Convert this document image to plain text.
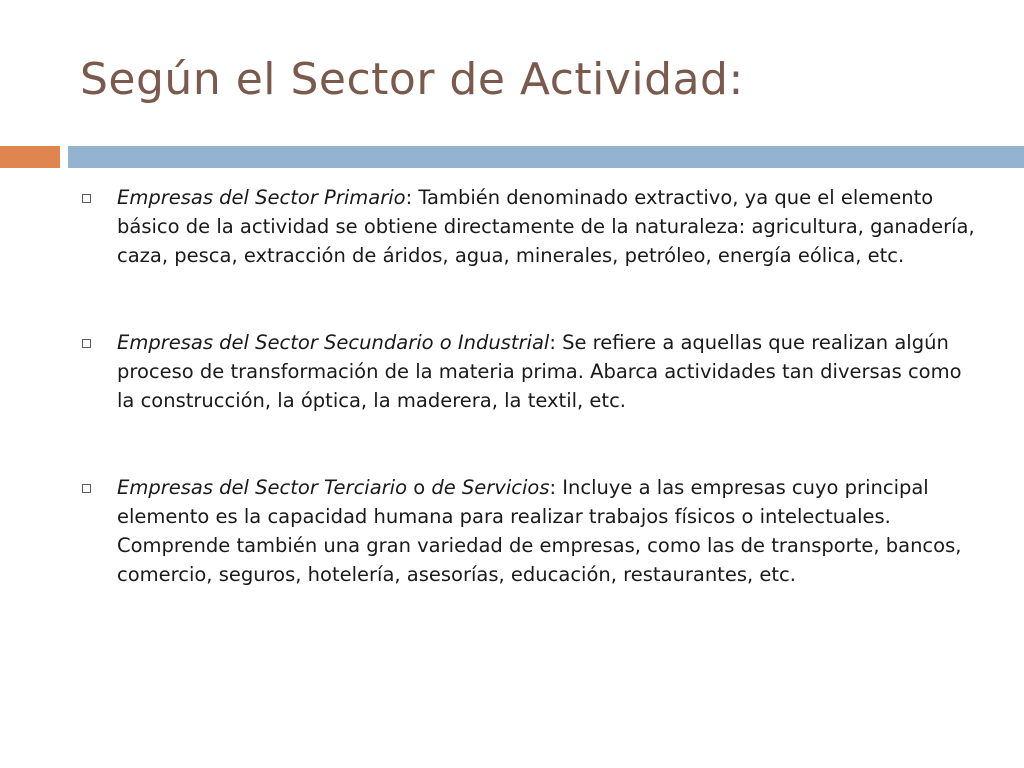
Según el Sector de Actividad:
Empresas del Sector Primario: También denominado extractivo, ya que el elemento básico de la actividad se obtiene directamente de la naturaleza: agricultura, ganadería, caza, pesca, extracción de áridos, agua, minerales, petróleo, energía eólica, etc.
Empresas del Sector Secundario o Industrial: Se refiere a aquellas que realizan algún proceso de transformación de la materia prima. Abarca actividades tan diversas como la construcción, la óptica, la maderera, la textil, etc.
Empresas del Sector Terciario o de Servicios: Incluye a las empresas cuyo principal elemento es la capacidad humana para realizar trabajos físicos o intelectuales. Comprende también una gran variedad de empresas, como las de transporte, bancos, comercio, seguros, hotelería, asesorías, educación, restaurantes, etc.
